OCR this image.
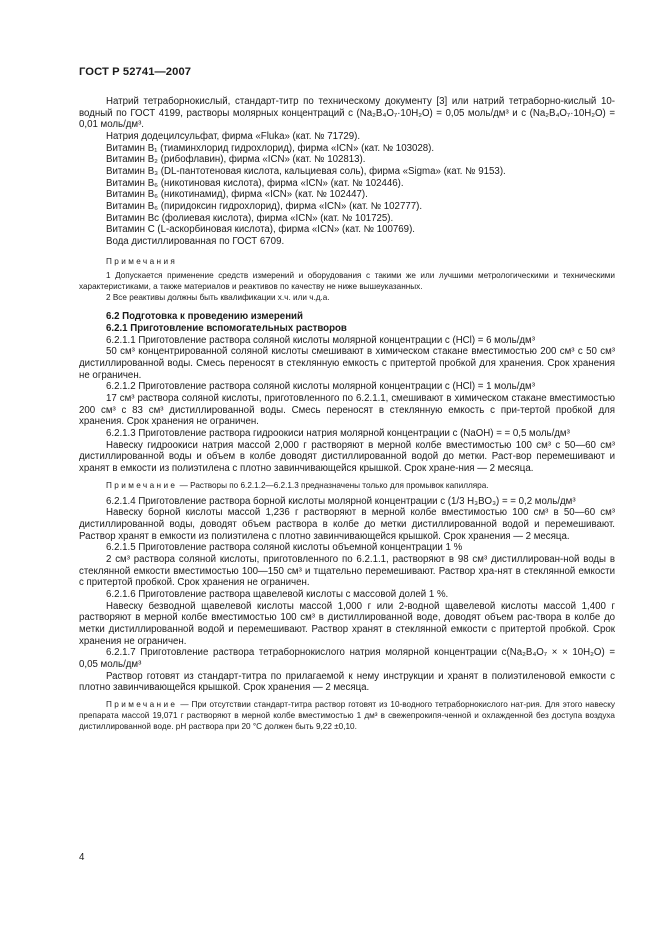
ГОСТ Р 52741—2007

Натрий тетраборнокислый, стандарт-титр по техническому документу [3] или натрий тетраборно-кислый 10-водный по ГОСТ 4199, растворы молярных концентраций c (Na₂B₄O₇·10H₂O) = 0,05 моль/дм³ и c (Na₂B₄O₇·10H₂O) = 0,01 моль/дм³.

Натрия додецилсульфат, фирма «Fluka» (кат. № 71729).

Витамин B₁ (тиаминхлорид гидрохлорид), фирма «ICN» (кат. № 103028).

Витамин B₂ (рибофлавин), фирма «ICN» (кат. № 102813).

Витамин B₃ (DL-пантотеновая кислота, кальциевая соль), фирма «Sigma» (кат. № 9153).

Витамин B₆ (никотиновая кислота), фирма «ICN» (кат. № 102446).

Витамин B₆ (никотинамид), фирма «ICN» (кат. № 102447).

Витамин B₆ (пиридоксин гидрохлорид), фирма «ICN» (кат. № 102777).

Витамин Bc (фолиевая кислота), фирма «ICN» (кат. № 101725).

Витамин C (L-аскорбиновая кислота), фирма «ICN» (кат. № 100769).

Вода дистиллированная по ГОСТ 6709.

Примечания

1 Допускается применение средств измерений и оборудования с такими же или лучшими метрологическими и техническими характеристиками, а также материалов и реактивов по качеству не ниже вышеуказанных.

2 Все реактивы должны быть квалификации х.ч. или ч.д.а.

6.2 Подготовка к проведению измерений

6.2.1 Приготовление вспомогательных растворов

6.2.1.1 Приготовление раствора соляной кислоты молярной концентрации c (HCl) = 6 моль/дм³

50 см³ концентрированной соляной кислоты смешивают в химическом стакане вместимостью 200 см³ с 50 см³ дистиллированной воды. Смесь переносят в стеклянную емкость с притертой пробкой для хранения. Срок хранения не ограничен.

6.2.1.2 Приготовление раствора соляной кислоты молярной концентрации c (HCl) = 1 моль/дм³

17 см³ раствора соляной кислоты, приготовленного по 6.2.1.1, смешивают в химическом стакане вместимостью 200 см³ с 83 см³ дистиллированной воды. Смесь переносят в стеклянную емкость с при-тертой пробкой для хранения. Срок хранения не ограничен.

6.2.1.3 Приготовление раствора гидроокиси натрия молярной концентрации c (NaOH) = = 0,5 моль/дм³

Навеску гидроокиси натрия массой 2,000 г растворяют в мерной колбе вместимостью 100 см³ с 50—60 см³ дистиллированной воды и объем в колбе доводят дистиллированной водой до метки. Раст-вор перемешивают и хранят в емкости из полиэтилена с плотно завинчивающейся крышкой. Срок хране-ния — 2 месяца.

Примечание — Растворы по 6.2.1.2—6.2.1.3 предназначены только для промывок капилляра.

6.2.1.4 Приготовление раствора борной кислоты молярной концентрации c (1/3 H₃BO₃) = = 0,2 моль/дм³

Навеску борной кислоты массой 1,236 г растворяют в мерной колбе вместимостью 100 см³ в 50—60 см³ дистиллированной воды, доводят объем раствора в колбе до метки дистиллированной водой и перемешивают. Раствор хранят в емкости из полиэтилена с плотно завинчивающейся крышкой. Срок хранения — 2 месяца.

6.2.1.5 Приготовление раствора соляной кислоты объемной концентрации 1 %

2 см³ раствора соляной кислоты, приготовленного по 6.2.1.1, растворяют в 98 см³ дистиллирован-ной воды в стеклянной емкости вместимостью 100—150 см³ и тщательно перемешивают. Раствор хра-нят в стеклянной емкости с притертой пробкой. Срок хранения не ограничен.

6.2.1.6 Приготовление раствора щавелевой кислоты с массовой долей 1 %.

Навеску безводной щавелевой кислоты массой 1,000 г или 2-водной щавелевой кислоты массой 1,400 г растворяют в мерной колбе вместимостью 100 см³ в дистиллированной воде, доводят объем рас-твора в колбе до метки дистиллированной водой и перемешивают. Раствор хранят в стеклянной емкости с притертой пробкой. Срок хранения не ограничен.

6.2.1.7 Приготовление раствора тетраборнокислого натрия молярной концентрации c(Na₂B₄O₇ × × 10H₂O) = 0,05 моль/дм³

Раствор готовят из стандарт-титра по прилагаемой к нему инструкции и хранят в полиэтиленовой емкости с плотно завинчивающейся крышкой. Срок хранения — 2 месяца.

Примечание — При отсутствии стандарт-титра раствор готовят из 10-водного тетраборнокислого нат-рия. Для этого навеску препарата массой 19,071 г растворяют в мерной колбе вместимостью 1 дм³ в свежепрокипя-ченной и охлажденной без доступа воздуха дистиллированной воде. pH раствора при 20 °C должен быть 9,22 ±0,10.

4
